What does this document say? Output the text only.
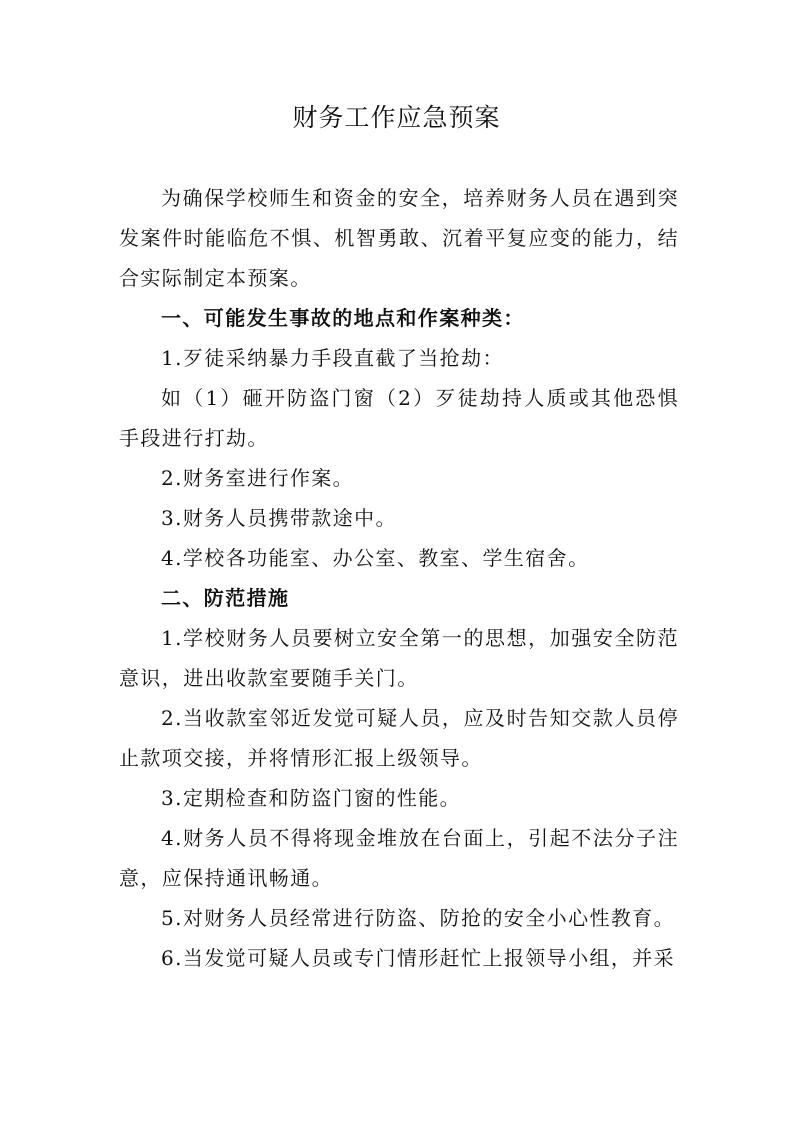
财务工作应急预案

为确保学校师生和资金的安全，培养财务人员在遇到突发案件时能临危不惧、机智勇敢、沉着平复应变的能力，结合实际制定本预案。

一、可能发生事故的地点和作案种类：

1.歹徒采纳暴力手段直截了当抢劫：

如（1）砸开防盗门窗（2）歹徒劫持人质或其他恐惧手段进行打劫。

2.财务室进行作案。

3.财务人员携带款途中。

4.学校各功能室、办公室、教室、学生宿舍。

二、防范措施

1.学校财务人员要树立安全第一的思想，加强安全防范意识，进出收款室要随手关门。

2.当收款室邻近发觉可疑人员，应及时告知交款人员停止款项交接，并将情形汇报上级领导。

3.定期检查和防盗门窗的性能。

4.财务人员不得将现金堆放在台面上，引起不法分子注意，应保持通讯畅通。

5.对财务人员经常进行防盗、防抢的安全小心性教育。

6.当发觉可疑人员或专门情形赶忙上报领导小组，并采
